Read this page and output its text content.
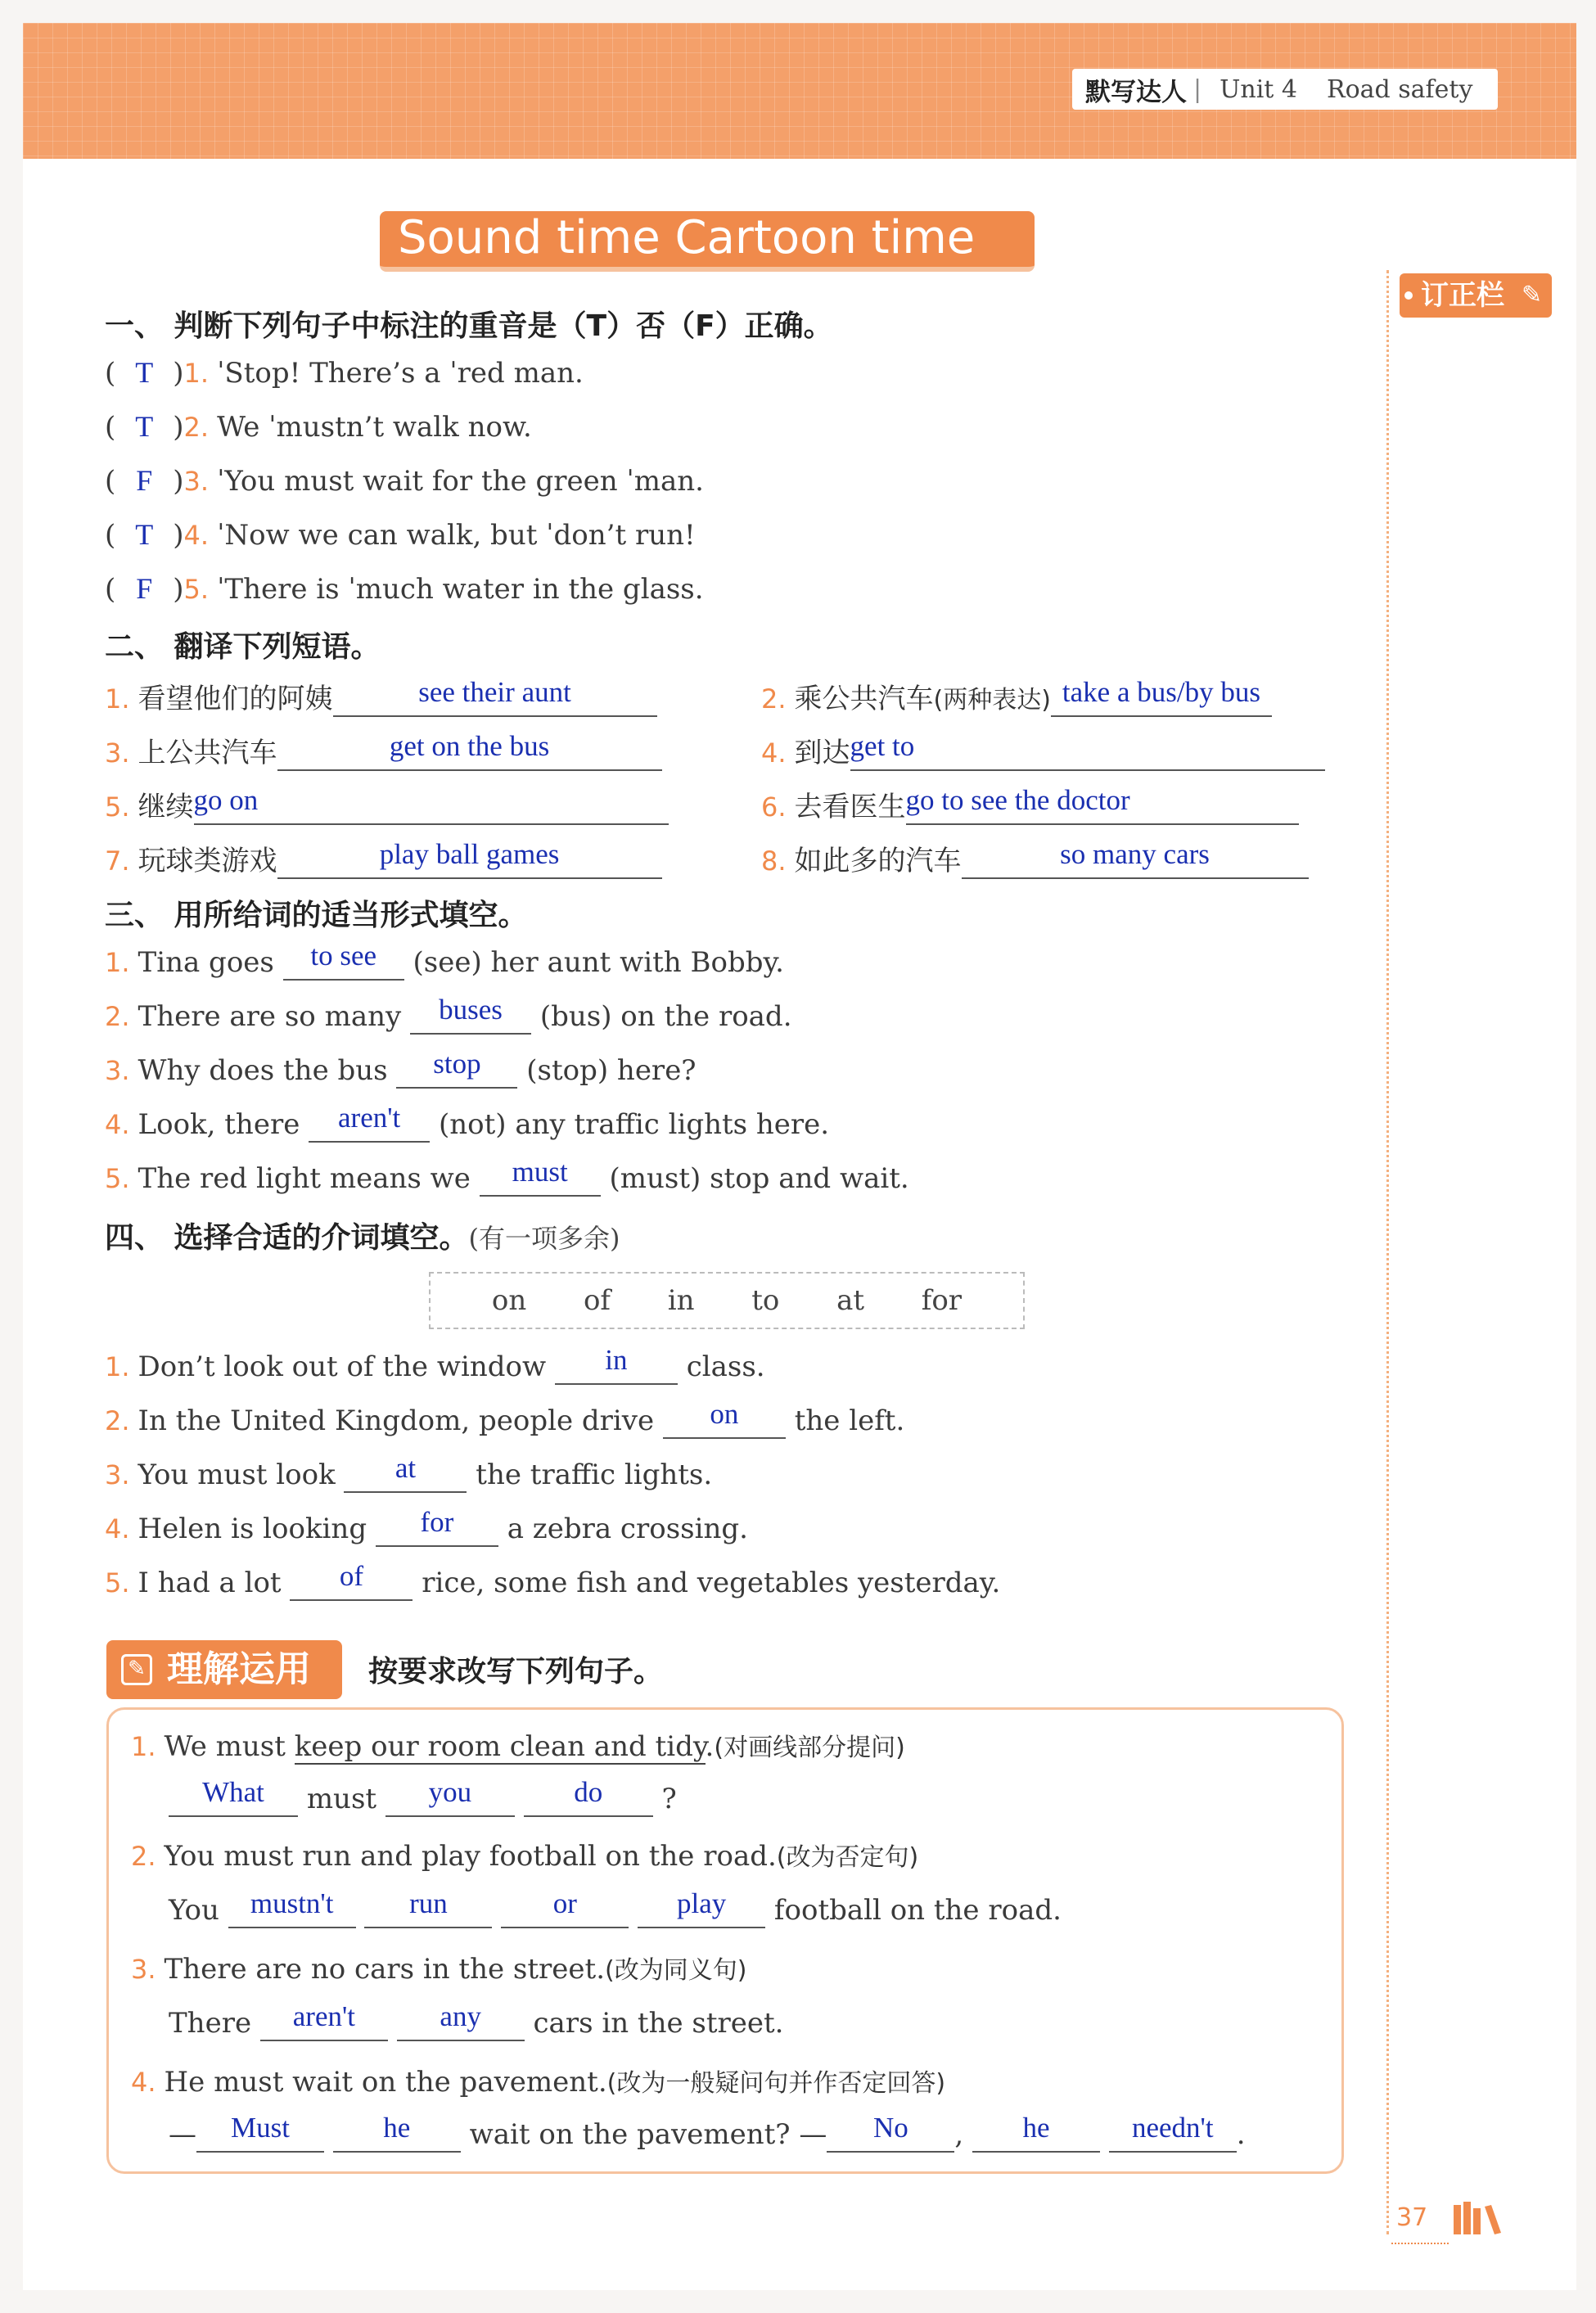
默写达人 | Unit 4 Road safety
Sound time Cartoon time
订正栏 ✎
一、 判断下列句子中标注的重音是（T）否（F）正确。
( T )1. ˈStop! There’s a ˈred man.
( T )2. We ˈmustn’t walk now.
( F )3. ˈYou must wait for the green ˈman.
( T )4. ˈNow we can walk, but ˈdon’t run!
( F )5. ˈThere is ˈmuch water in the glass.
二、 翻译下列短语。
1. 看望他们的阿姨	see their aunt	2. 乘公共汽车(两种表达) take a bus/by bus
3. 上公共汽车	get on the bus	4. 到达get to
5. 继续go on	6. 去看医生go to see the doctor
7. 玩球类游戏	play ball games	8. 如此多的汽车	so many cars
三、 用所给词的适当形式填空。
1. Tina goes to see (see) her aunt with Bobby.
2. There are so many buses (bus) on the road.
3. Why does the bus stop (stop) here?
4. Look, there aren't (not) any traffic lights here.
5. The red light means we must (must) stop and wait.
四、 选择合适的介词填空。(有一项多余)
on of in to at for
1. Don’t look out of the window in class.
2. In the United Kingdom, people drive on the left.
3. You must look at the traffic lights.
4. Helen is looking for a zebra crossing.
5. I had a lot of rice, some fish and vegetables yesterday.
✎ 理解运用	按要求改写下列句子。
1. We must keep our room clean and tidy.(对画线部分提问)
What must you	do ?
2. You must run and play football on the road.(改为否定句)
You mustn't	run	or	play football on the road.
3. There are no cars in the street.(改为同义句)
There aren't	any cars in the street.
4. He must wait on the pavement.(改为一般疑问句并作否定回答)
— Must	he wait on the pavement? — No , he	needn't .
37
